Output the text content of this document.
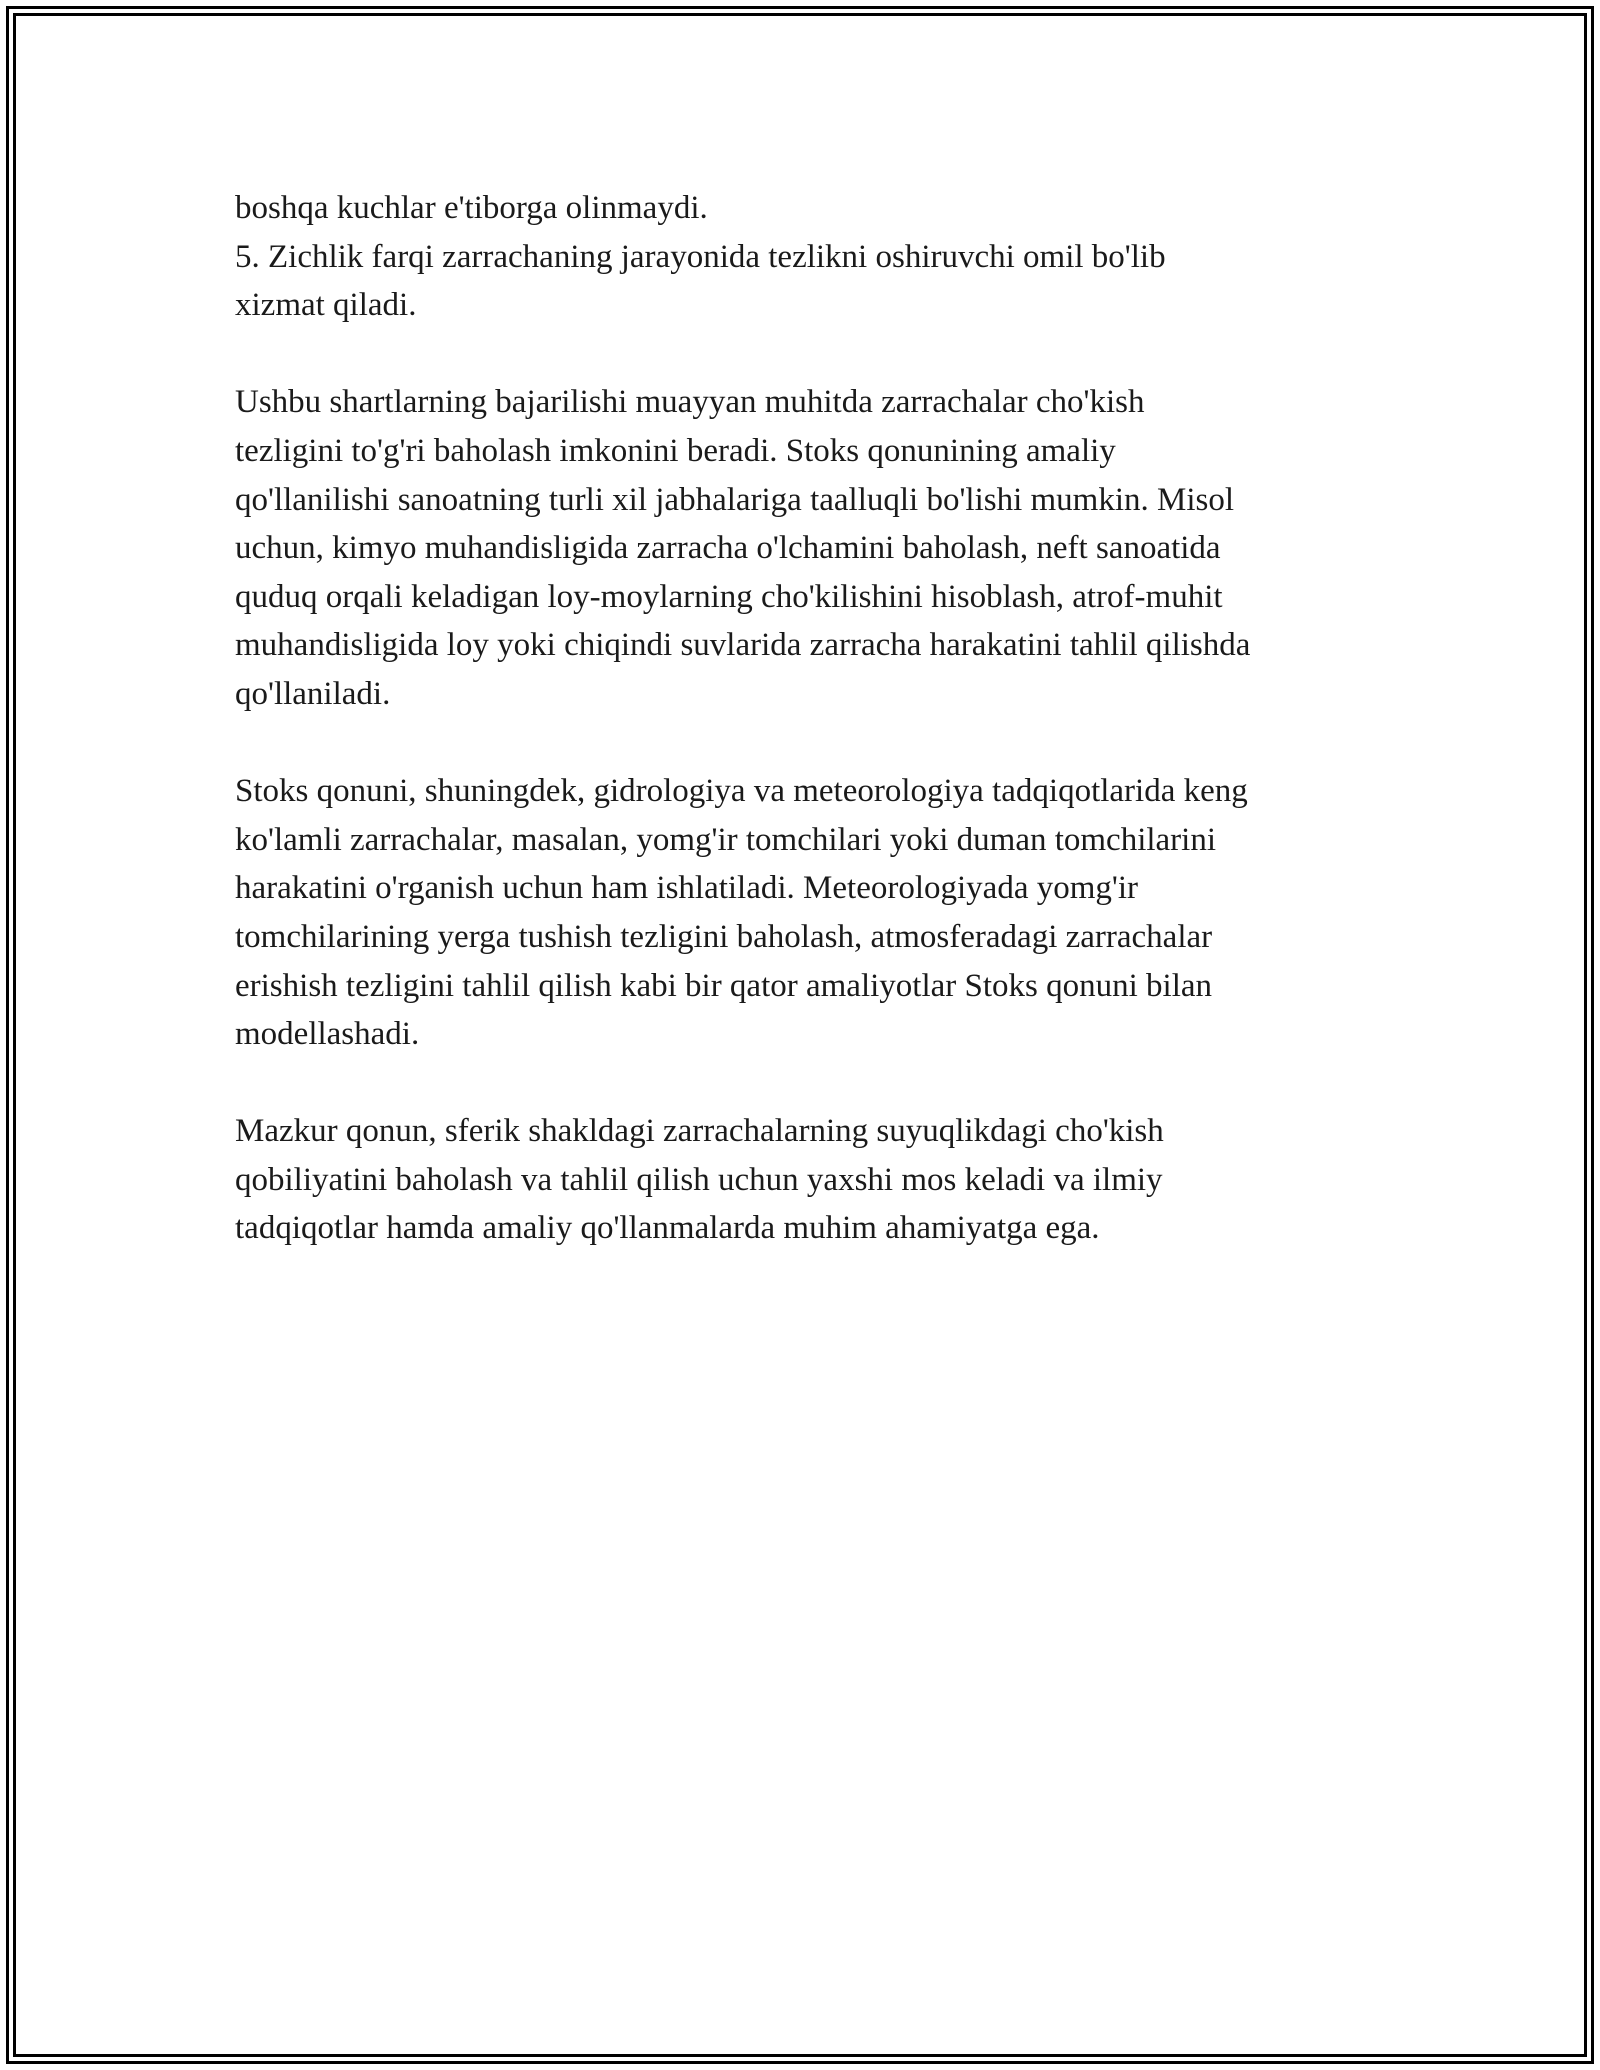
boshqa kuchlar e'tiborga olinmaydi.
5. Zichlik farqi zarrachaning jarayonida tezlikni oshiruvchi omil bo'lib
xizmat qiladi.
Ushbu shartlarning bajarilishi muayyan muhitda zarrachalar cho'kish
tezligini to'g'ri baholash imkonini beradi. Stoks qonunining amaliy
qo'llanilishi sanoatning turli xil jabhalariga taalluqli bo'lishi mumkin. Misol
uchun, kimyo muhandisligida zarracha o'lchamini baholash, neft sanoatida
quduq orqali keladigan loy-moylarning cho'kilishini hisoblash, atrof-muhit
muhandisligida loy yoki chiqindi suvlarida zarracha harakatini tahlil qilishda
qo'llaniladi.
Stoks qonuni, shuningdek, gidrologiya va meteorologiya tadqiqotlarida keng
ko'lamli zarrachalar, masalan, yomg'ir tomchilari yoki duman tomchilarini
harakatini o'rganish uchun ham ishlatiladi. Meteorologiyada yomg'ir
tomchilarining yerga tushish tezligini baholash, atmosferadagi zarrachalar
erishish tezligini tahlil qilish kabi bir qator amaliyotlar Stoks qonuni bilan
modellashadi.
Mazkur qonun, sferik shakldagi zarrachalarning suyuqlikdagi cho'kish
qobiliyatini baholash va tahlil qilish uchun yaxshi mos keladi va ilmiy
tadqiqotlar hamda amaliy qo'llanmalarda muhim ahamiyatga ega.
